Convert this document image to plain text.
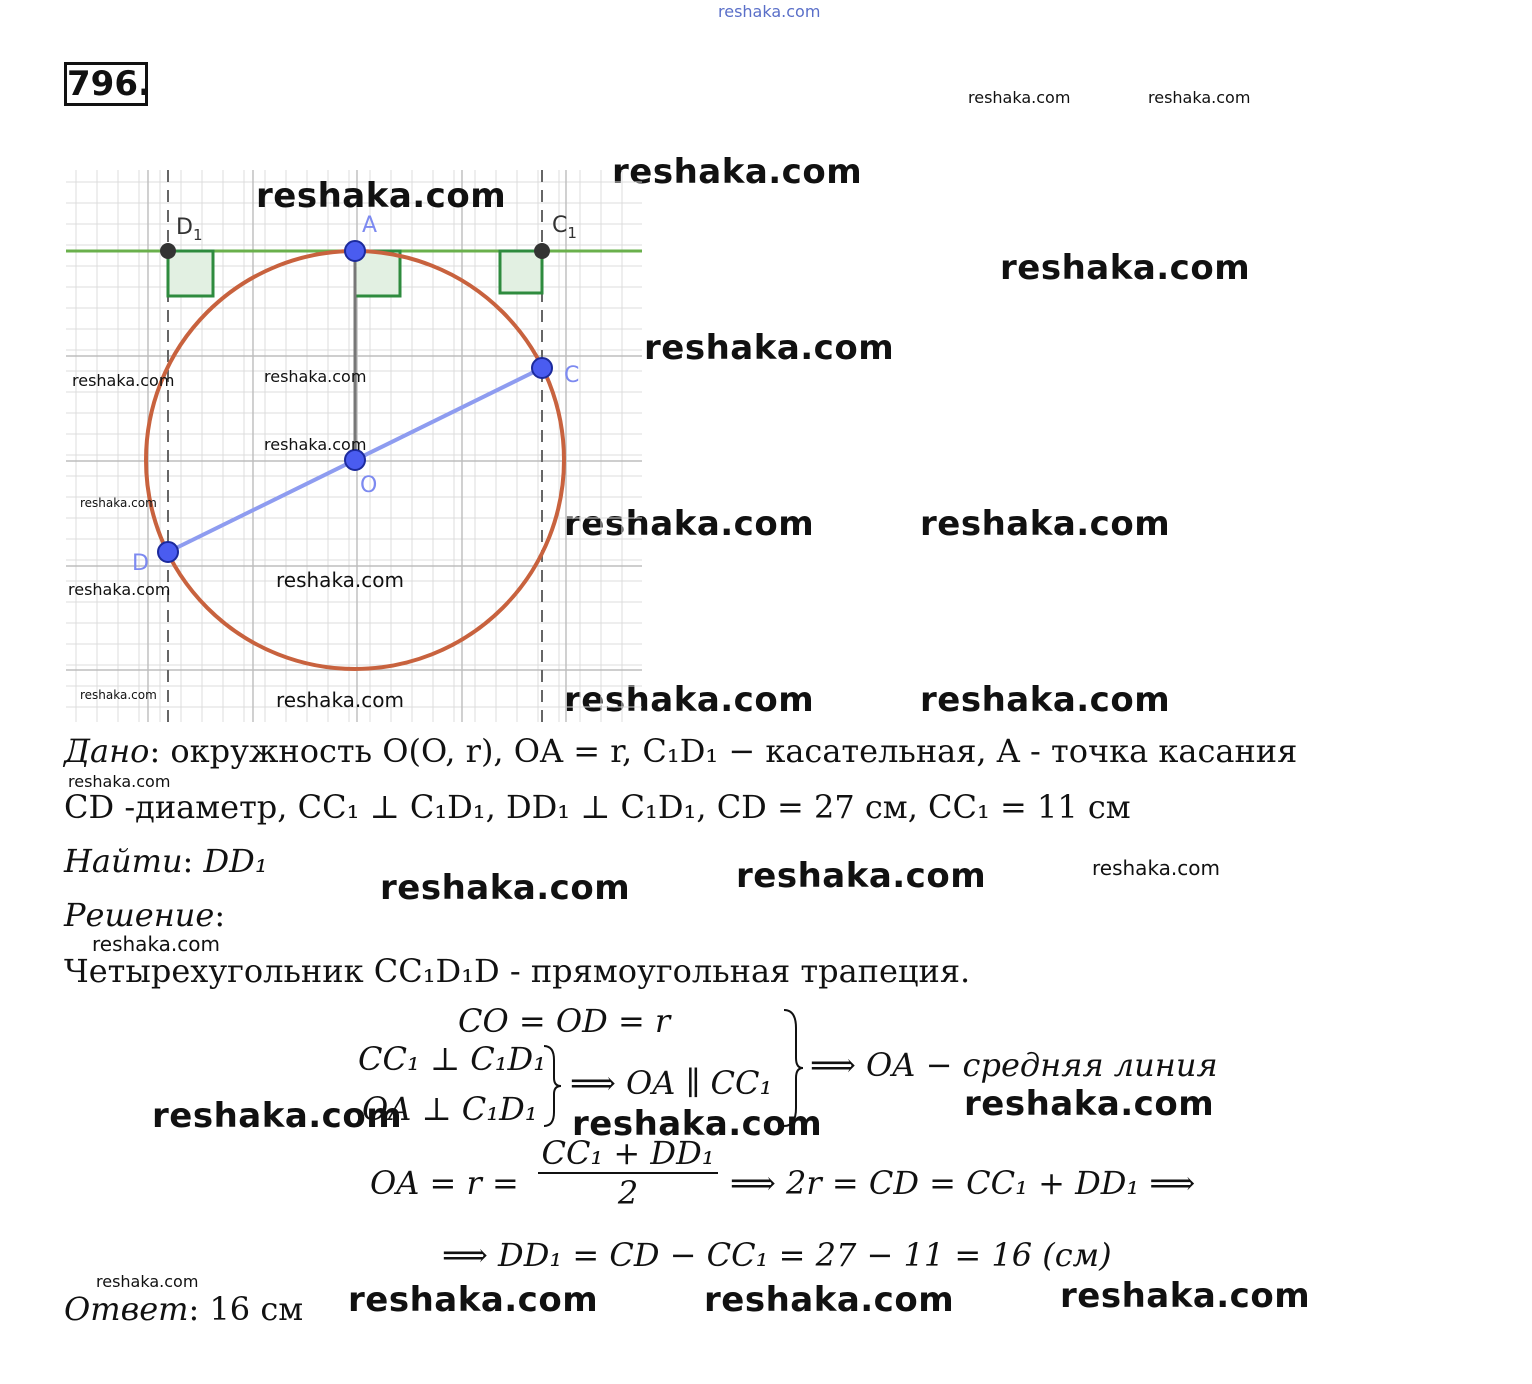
reshaka.com
reshaka.com	reshaka.com
reshaka.com
reshaka.com
reshaka.com
reshaka.com	reshaka.com
reshaka.com	reshaka.com
796.
$D_1$	A	$C_1$
C
O
D
reshaka.com
reshaka.com	reshaka.com
reshaka.com
reshaka.com
reshaka.com
reshaka.com
reshaka.com	reshaka.com
Дано: окружность O(O, r), OA = r, C₁D₁ − касательная, A - точка касания
reshaka.com
CD -диаметр, CC₁ ⊥ C₁D₁, DD₁ ⊥ C₁D₁, CD = 27 см, CC₁ = 11 см
Найти: DD₁
reshaka.com	reshaka.com	reshaka.com
Решение:
reshaka.com
Четырехугольник CC₁D₁D - прямоугольная трапеция.
CO = OD = r
CC₁ ⊥ C₁D₁
OA ⊥ C₁D₁
⟹ OA ∥ CC₁ ⟹ OA − средняя линия
reshaka.com
reshaka.com	reshaka.com
OA = $r = \frac{\text{CC₁ + DD₁}}{2}$ ⟹ 2r = CD = CC₁ + DD₁ ⟹
⟹ DD₁ = CD − CC₁ = 27 − 11 = 16 (см)
reshaka.com
Ответ: 16 см reshaka.com	reshaka.com	reshaka.com
